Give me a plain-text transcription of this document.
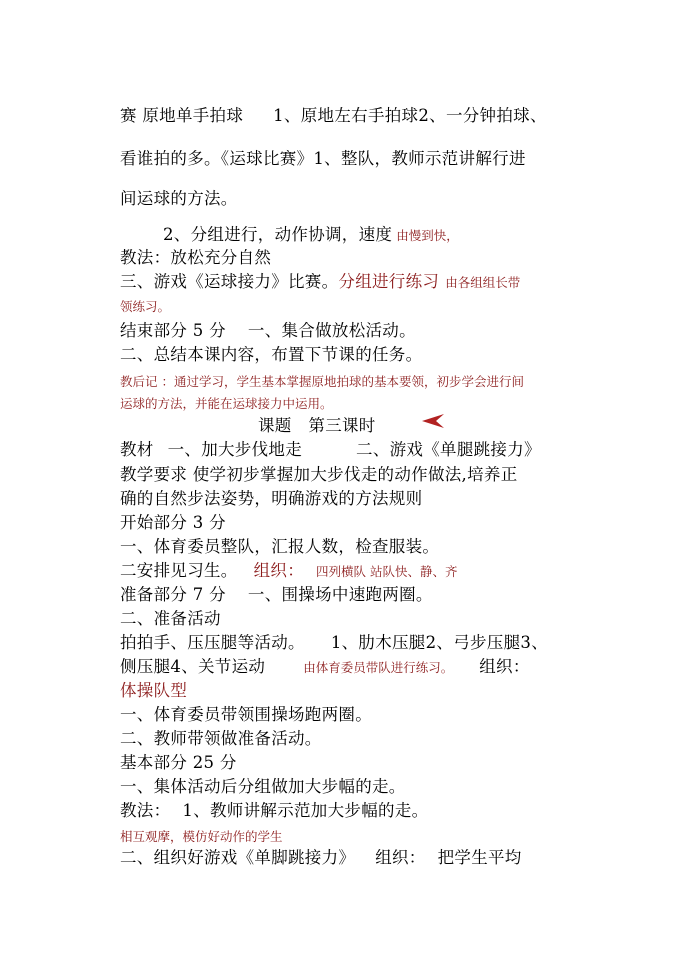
赛 原地单手拍球 1、原地左右手拍球2、一分钟拍球、
看谁拍的多。《运球比赛》1、整队，教师示范讲解行进
间运球的方法。
2、分组进行，动作协调，速度 由慢到快，
教法：放松充分自然
三、游戏《运球接力》比赛。分组进行练习 由各组组长带
领练习。
结束部分 5 分 一、集合做放松活动。
二、总结本课内容，布置下节课的任务。
教后记 ：通过学习，学生基本掌握原地拍球的基本要领，初步学会进行间
运球的方法，并能在运球接力中运用。
课题　第三课时
教材 一、加大步伐地走	二、游戏《单腿跳接力》
教学要求 使学初步掌握加大步伐走的动作做法,培养正
确的自然步法姿势，明确游戏的方法规则
开始部分 3 分
一、体育委员整队，汇报人数，检查服装。
二安排见习生。 组织： 四列横队 站队快、静、齐
准备部分 7 分 一、围操场中速跑两圈。
二、准备活动
拍拍手、压压腿等活动。 1、肋木压腿2、弓步压腿3、
侧压腿4、关节运动	由体育委员带队进行练习。 组织：
体操队型
一、体育委员带领围操场跑两圈。
二、教师带领做准备活动。
基本部分 25 分
一、集体活动后分组做加大步幅的走。
教法： 1、教师讲解示范加大步幅的走。
相互观摩，模仿好动作的学生
二、组织好游戏《单脚跳接力》 组织： 把学生平均
